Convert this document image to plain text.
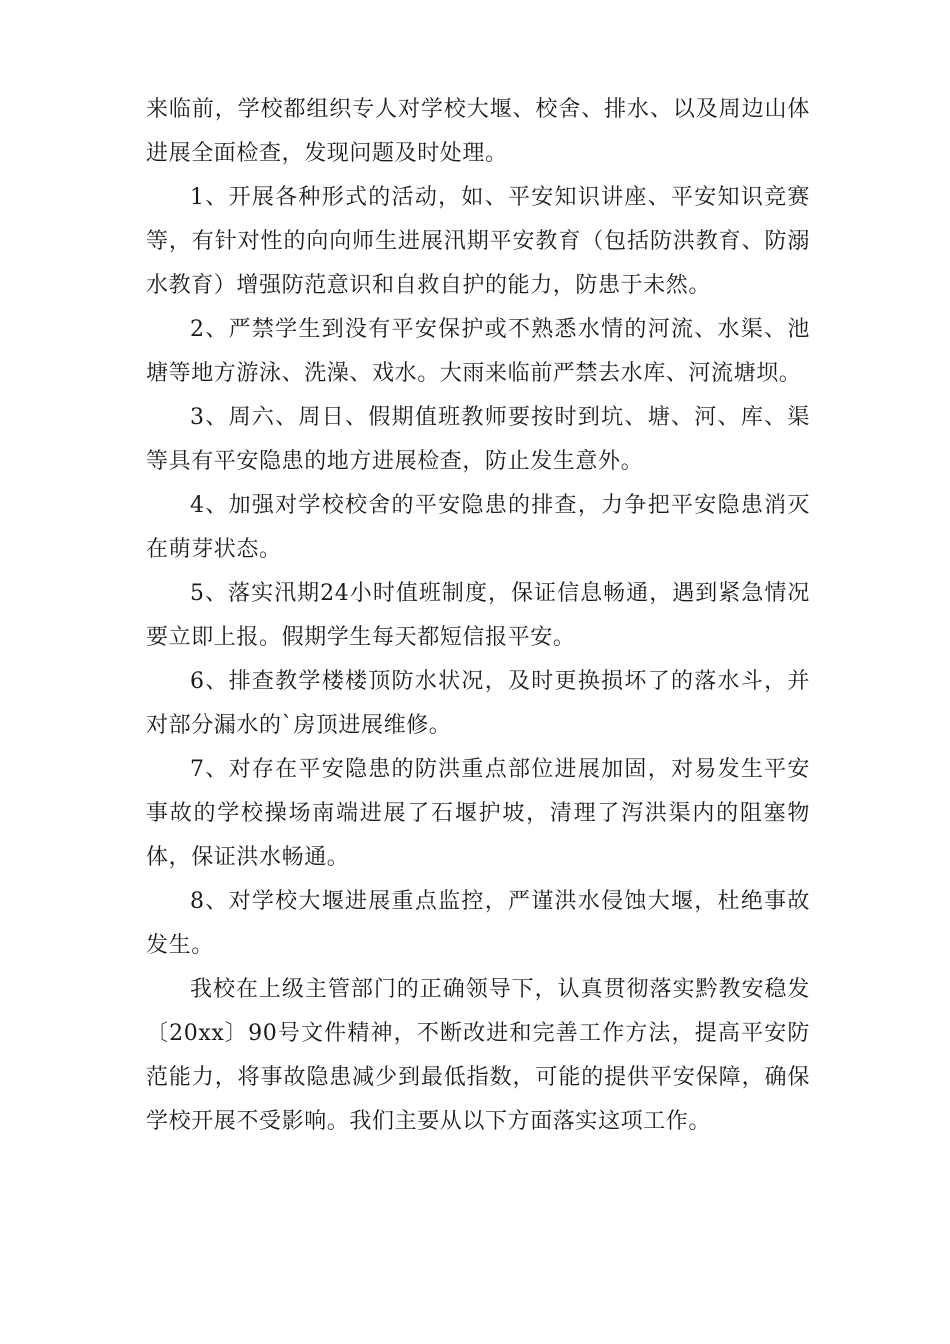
来临前，学校都组织专人对学校大堰、校舍、排水、以及周边山体进展全面检查，发现问题及时处理。

1、开展各种形式的活动，如、平安知识讲座、平安知识竞赛等，有针对性的向向师生进展汛期平安教育（包括防洪教育、防溺水教育）增强防范意识和自救自护的能力，防患于未然。

2、严禁学生到没有平安保护或不熟悉水情的河流、水渠、池塘等地方游泳、洗澡、戏水。大雨来临前严禁去水库、河流塘坝。

3、周六、周日、假期值班教师要按时到坑、塘、河、库、渠等具有平安隐患的地方进展检查，防止发生意外。

4、加强对学校校舍的平安隐患的排查，力争把平安隐患消灭在萌芽状态。

5、落实汛期24小时值班制度，保证信息畅通，遇到紧急情况要立即上报。假期学生每天都短信报平安。

6、排查教学楼楼顶防水状况，及时更换损坏了的落水斗，并对部分漏水的`房顶进展维修。

7、对存在平安隐患的防洪重点部位进展加固，对易发生平安事故的学校操场南端进展了石堰护坡，清理了泻洪渠内的阻塞物体，保证洪水畅通。

8、对学校大堰进展重点监控，严谨洪水侵蚀大堰，杜绝事故发生。

我校在上级主管部门的正确领导下，认真贯彻落实黔教安稳发〔20xx〕90号文件精神，不断改进和完善工作方法，提高平安防范能力，将事故隐患减少到最低指数，可能的提供平安保障，确保学校开展不受影响。我们主要从以下方面落实这项工作。
